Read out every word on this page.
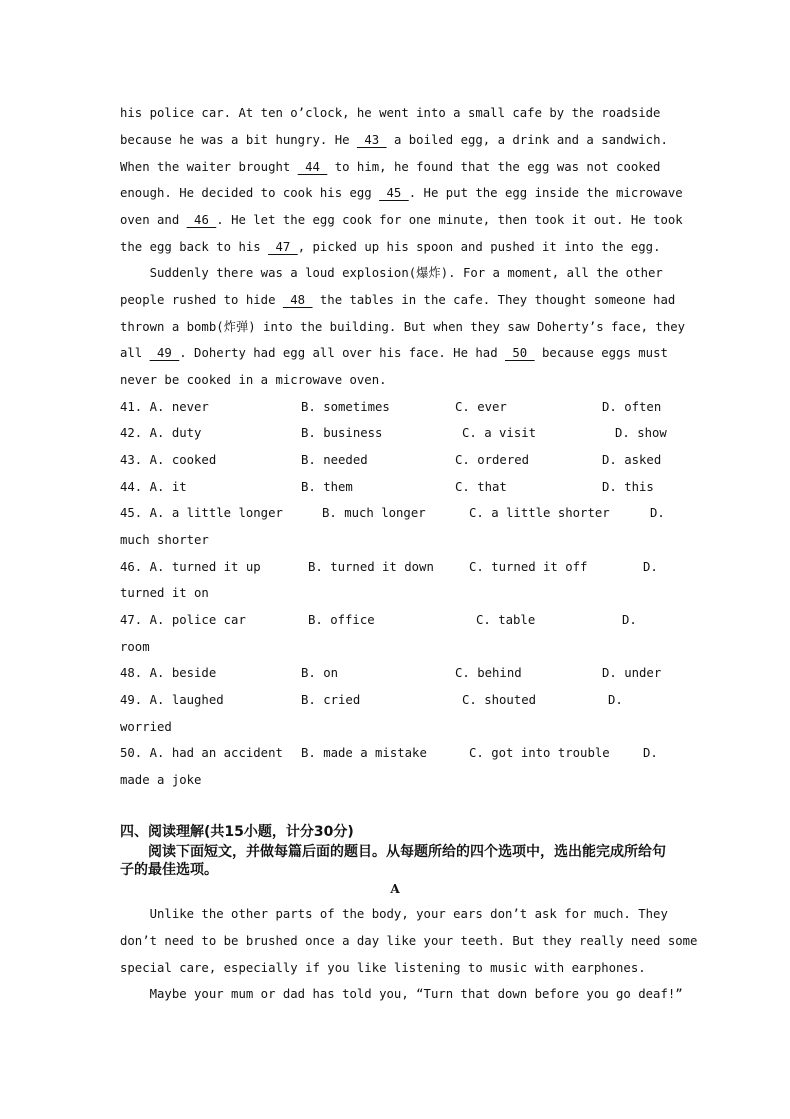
his police car. At ten o’clock, he went into a small cafe by the roadside
because he was a bit hungry. He  43  a boiled egg, a drink and a sandwich.
When the waiter brought  44  to him, he found that the egg was not cooked
enough. He decided to cook his egg  45 . He put the egg inside the microwave
oven and  46 . He let the egg cook for one minute, then took it out. He took
the egg back to his  47 , picked up his spoon and pushed it into the egg.
Suddenly there was a loud explosion(爆炸). For a moment, all the other
people rushed to hide  48  the tables in the cafe. They thought someone had
thrown a bomb(炸弹) into the building. But when they saw Doherty’s face, they
all  49 . Doherty had egg all over his face. He had  50  because eggs must
never be cooked in a microwave oven.
41. A. never	B. sometimes	C. ever	D. often
42. A. duty	B. business	C. a visit	D. show
43. A. cooked	B. needed	C. ordered	D. asked
44. A. it	B. them	C. that	D. this
45. A. a little longer	B. much longer	C. a little shorter	D.
much shorter
46. A. turned it up	B. turned it down	C. turned it off	D.
turned it on
47. A. police car	B. office	C. table	D.
room
48. A. beside	B. on	C. behind	D. under
49. A. laughed	B. cried	C. shouted	D.
worried
50. A. had an accident B. made a mistake	C. got into trouble	D.
made a joke
四、阅读理解(共15小题，计分30分)
阅读下面短文，并做每篇后面的题目。从每题所给的四个选项中，选出能完成所给句
子的最佳选项。
A
Unlike the other parts of the body, your ears don’t ask for much. They
don’t need to be brushed once a day like your teeth. But they really need some
special care, especially if you like listening to music with earphones.
Maybe your mum or dad has told you, “Turn that down before you go deaf!”
